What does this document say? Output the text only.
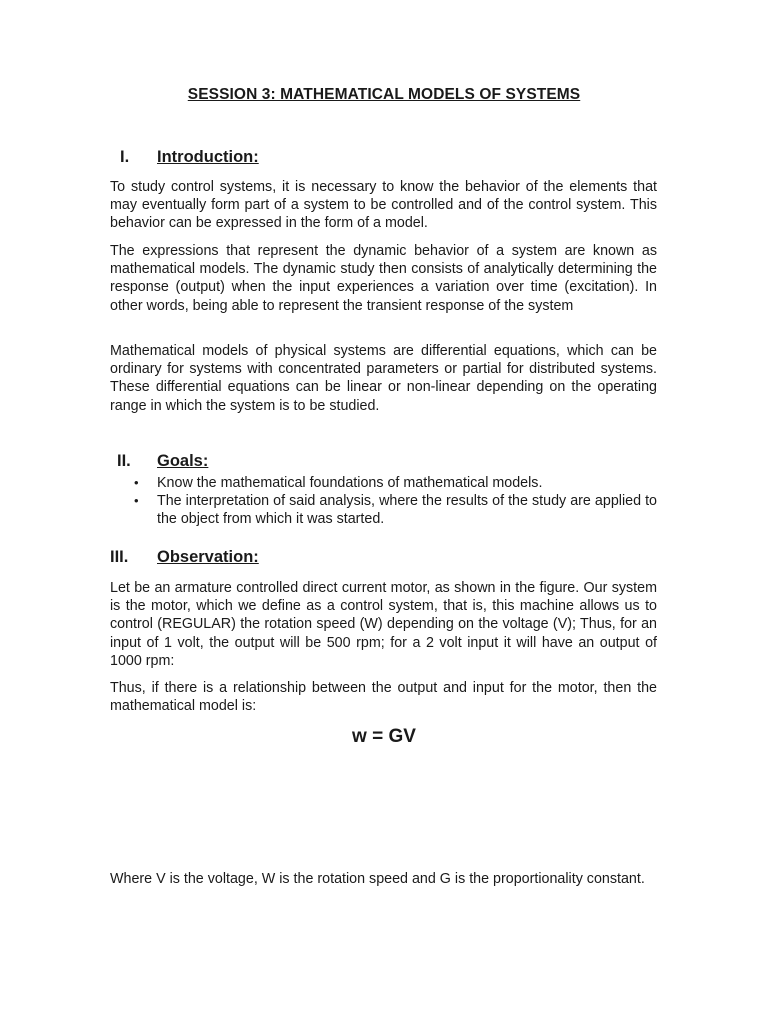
SESSION 3: MATHEMATICAL MODELS OF SYSTEMS
I. Introduction:

To study control systems, it is necessary to know the behavior of the elements that may eventually form part of a system to be controlled and of the control system. This behavior can be expressed in the form of a model.

The expressions that represent the dynamic behavior of a system are known as mathematical models. The dynamic study then consists of analytically determining the response (output) when the input experiences a variation over time (excitation). In other words, being able to represent the transient response of the system

Mathematical models of physical systems are differential equations, which can be ordinary for systems with concentrated parameters or partial for distributed systems. These differential equations can be linear or non-linear depending on the operating range in which the system is to be studied.

II. Goals:
• Know the mathematical foundations of mathematical models.
• The interpretation of said analysis, where the results of the study are applied to the object from which it was started.
III. Observation:

Let be an armature controlled direct current motor, as shown in the figure. Our system is the motor, which we define as a control system, that is, this machine allows us to control (REGULAR) the rotation speed (W) depending on the voltage (V); Thus, for an input of 1 volt, the output will be 500 rpm; for a 2 volt input it will have an output of 1000 rpm:

Thus, if there is a relationship between the output and input for the motor, then the mathematical model is:

w = GV

Where V is the voltage, W is the rotation speed and G is the proportionality constant.
